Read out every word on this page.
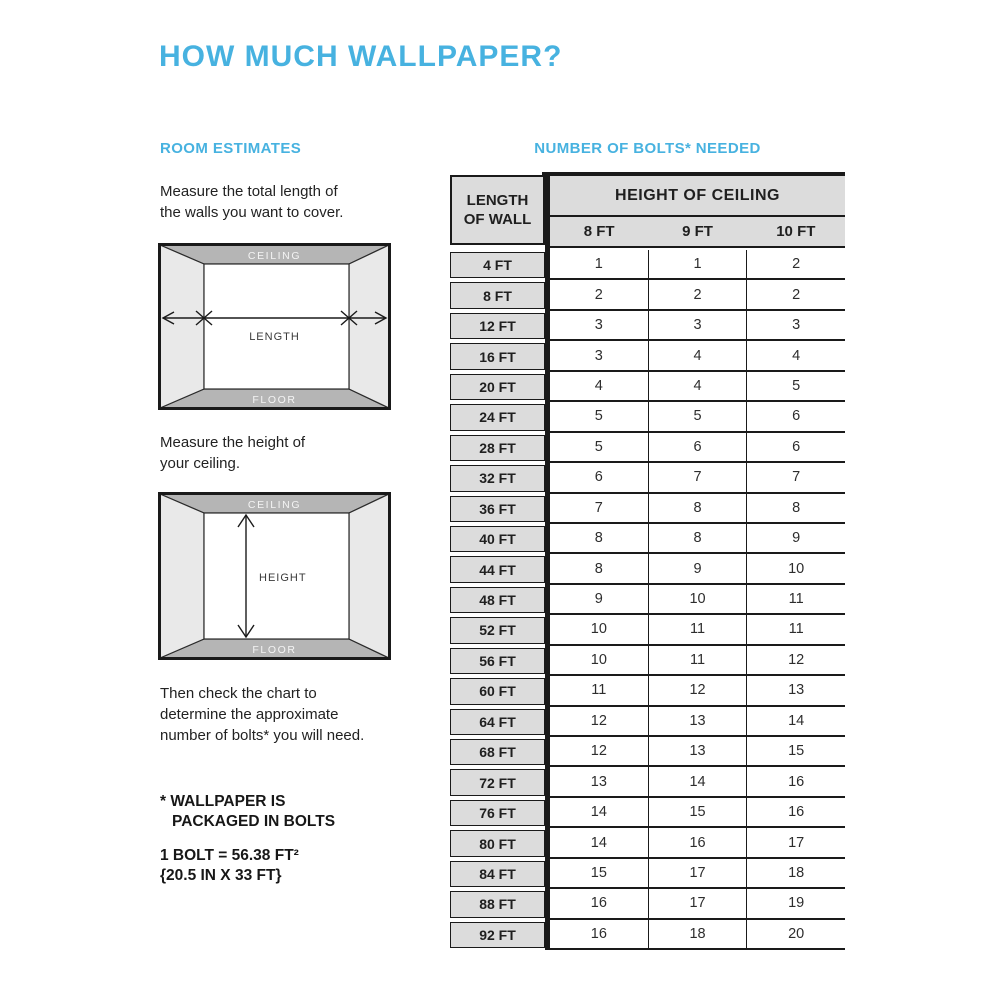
HOW MUCH WALLPAPER?
ROOM ESTIMATES

Measure the total length of
the walls you want to cover.

CEILING
FLOOR
LENGTH

Measure the height of
your ceiling.

CEILING
FLOOR
HEIGHT

Then check the chart to
determine the approximate
number of bolts* you will need.

* WALLPAPER IS
PACKAGED IN BOLTS
1 BOLT = 56.38 FT²
{20.5 IN X 33 FT}
NUMBER OF BOLTS* NEEDED
LENGTH
OF WALL
HEIGHT OF CEILING
8 FT	9 FT	10 FT
4 FT	1	1	2
8 FT	2	2	2
12 FT	3	3	3
16 FT	3	4	4
20 FT	4	4	5
24 FT	5	5	6
28 FT	5	6	6
32 FT	6	7	7
36 FT	7	8	8
40 FT	8	8	9
44 FT	8	9	10
48 FT	9	10	11
52 FT	10	11	11
56 FT	10	11	12
60 FT	11	12	13
64 FT	12	13	14
68 FT	12	13	15
72 FT	13	14	16
76 FT	14	15	16
80 FT	14	16	17
84 FT	15	17	18
88 FT	16	17	19
92 FT	16	18	20
